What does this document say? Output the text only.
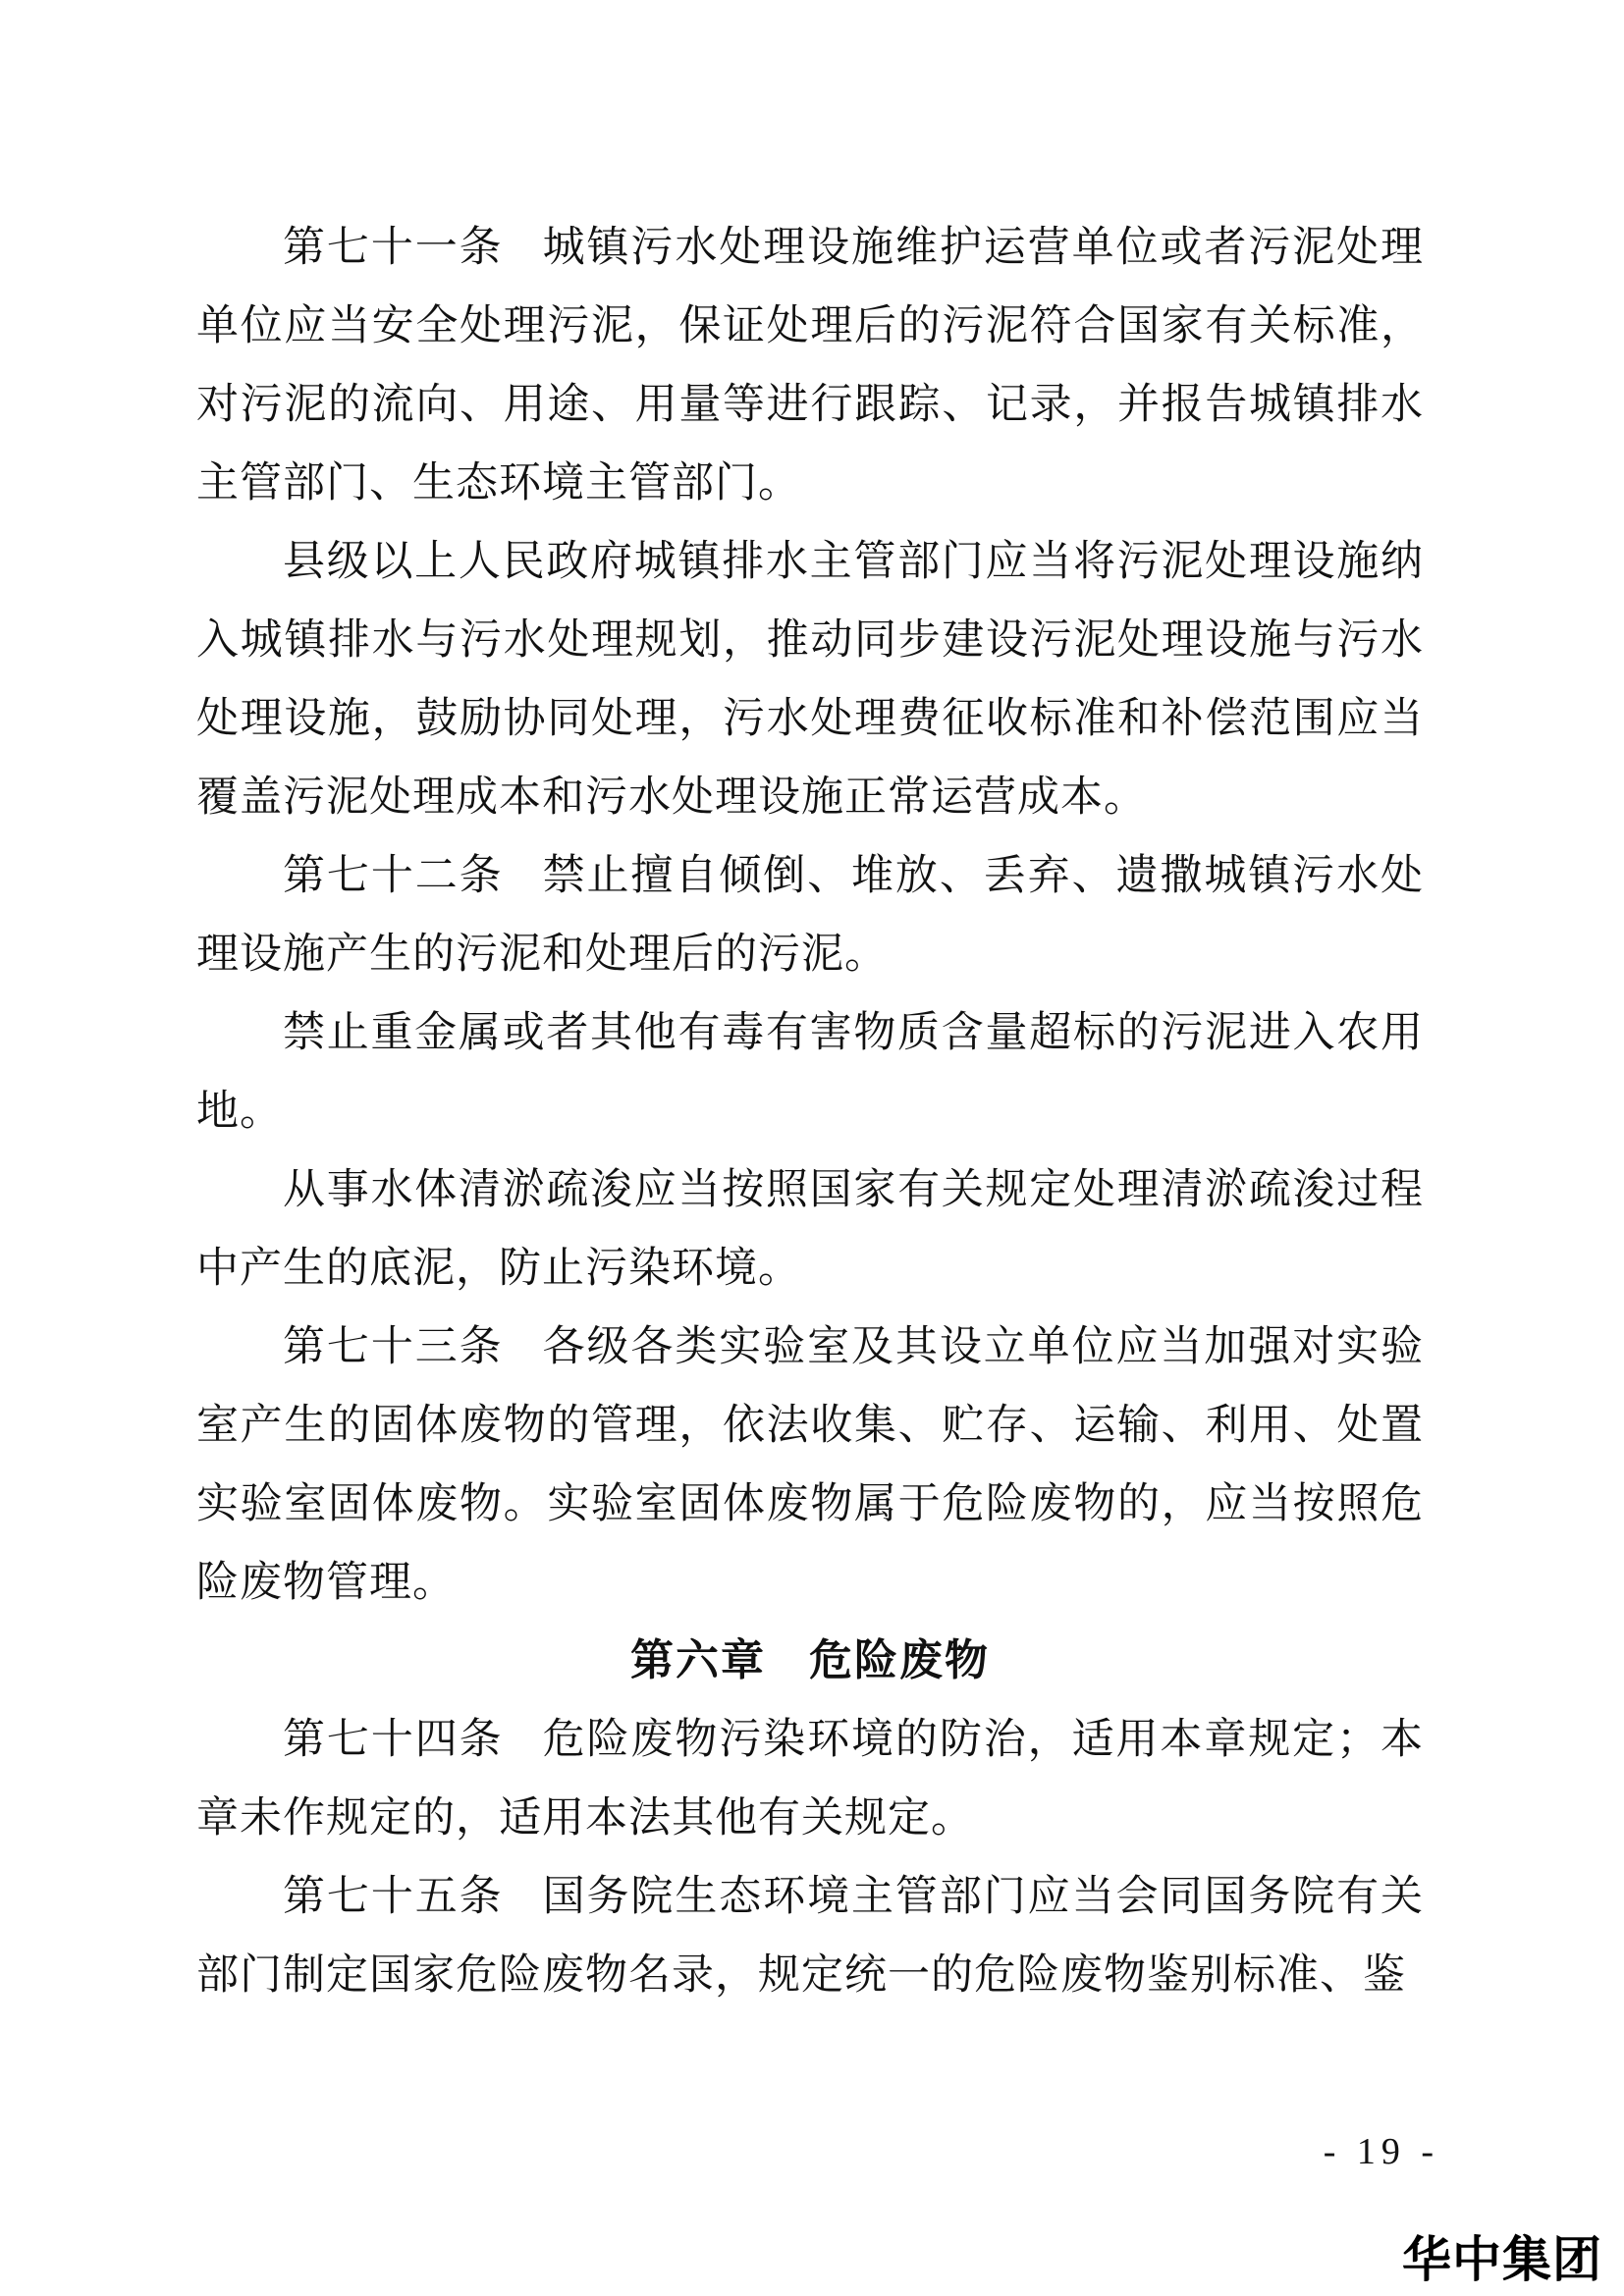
第七十一条 城镇污水处理设施维护运营单位或者污泥处理单位应当安全处理污泥，保证处理后的污泥符合国家有关标准，对污泥的流向、用途、用量等进行跟踪、记录，并报告城镇排水主管部门、生态环境主管部门。

县级以上人民政府城镇排水主管部门应当将污泥处理设施纳入城镇排水与污水处理规划，推动同步建设污泥处理设施与污水处理设施，鼓励协同处理，污水处理费征收标准和补偿范围应当覆盖污泥处理成本和污水处理设施正常运营成本。

第七十二条 禁止擅自倾倒、堆放、丢弃、遗撒城镇污水处理设施产生的污泥和处理后的污泥。

禁止重金属或者其他有毒有害物质含量超标的污泥进入农用地。

从事水体清淤疏浚应当按照国家有关规定处理清淤疏浚过程中产生的底泥，防止污染环境。

第七十三条 各级各类实验室及其设立单位应当加强对实验室产生的固体废物的管理，依法收集、贮存、运输、利用、处置实验室固体废物。实验室固体废物属于危险废物的，应当按照危险废物管理。

第六章 危险废物

第七十四条 危险废物污染环境的防治，适用本章规定；本章未作规定的，适用本法其他有关规定。

第七十五条 国务院生态环境主管部门应当会同国务院有关部门制定国家危险废物名录，规定统一的危险废物鉴别标准、鉴

- 19 -
华中集团
